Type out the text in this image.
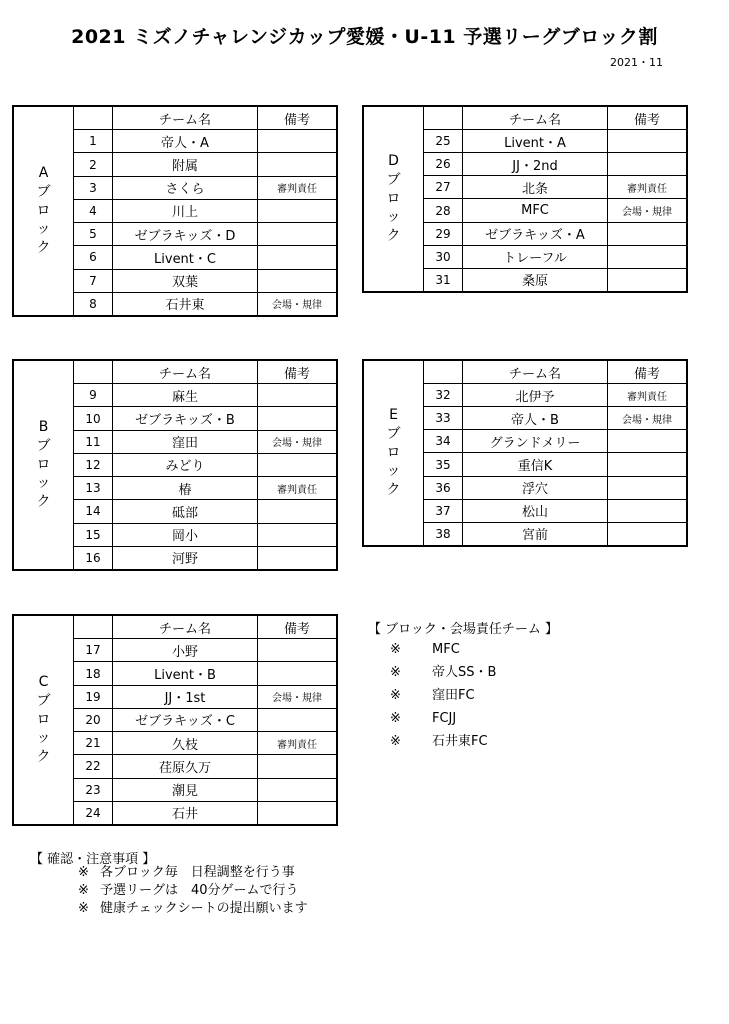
2021 ミズノチャレンジカップ愛媛・U-11 予選リーグブロック割
2021・11
Aブロック
	チーム名	備考
1	帝人・A	
2	附属	
3	さくら	審判責任
4	川上	
5	ゼブラキッズ・D	
6	Livent・C	
7	双葉	
8	石井東	会場・規律
Dブロック
	チーム名	備考
25	Livent・A	
26	JJ・2nd	
27	北条	審判責任
28	MFC	会場・規律
29	ゼブラキッズ・A	
30	トレーフル	
31	桑原	
Bブロック
	チーム名	備考
9	麻生	
10	ゼブラキッズ・B	
11	窪田	会場・規律
12	みどり	
13	椿	審判責任
14	砥部	
15	岡小	
16	河野	
Eブロック
	チーム名	備考
32	北伊予	審判責任
33	帝人・B	会場・規律
34	グランドメリー	
35	重信K	
36	浮穴	
37	松山	
38	宮前	
Cブロック
	チーム名	備考
17	小野	
18	Livent・B	
19	JJ・1st	会場・規律
20	ゼブラキッズ・C	
21	久枝	審判責任
22	荏原久万	
23	潮見	
24	石井	
【 ブロック・会場責任チーム 】
※ MFC
※ 帝人SS・B
※ 窪田FC
※ FCJJ
※ 石井東FC
【 確認・注意事項 】
※ 各ブロック毎　日程調整を行う事
※ 予選リーグは　40分ゲームで行う
※ 健康チェックシートの提出願います
